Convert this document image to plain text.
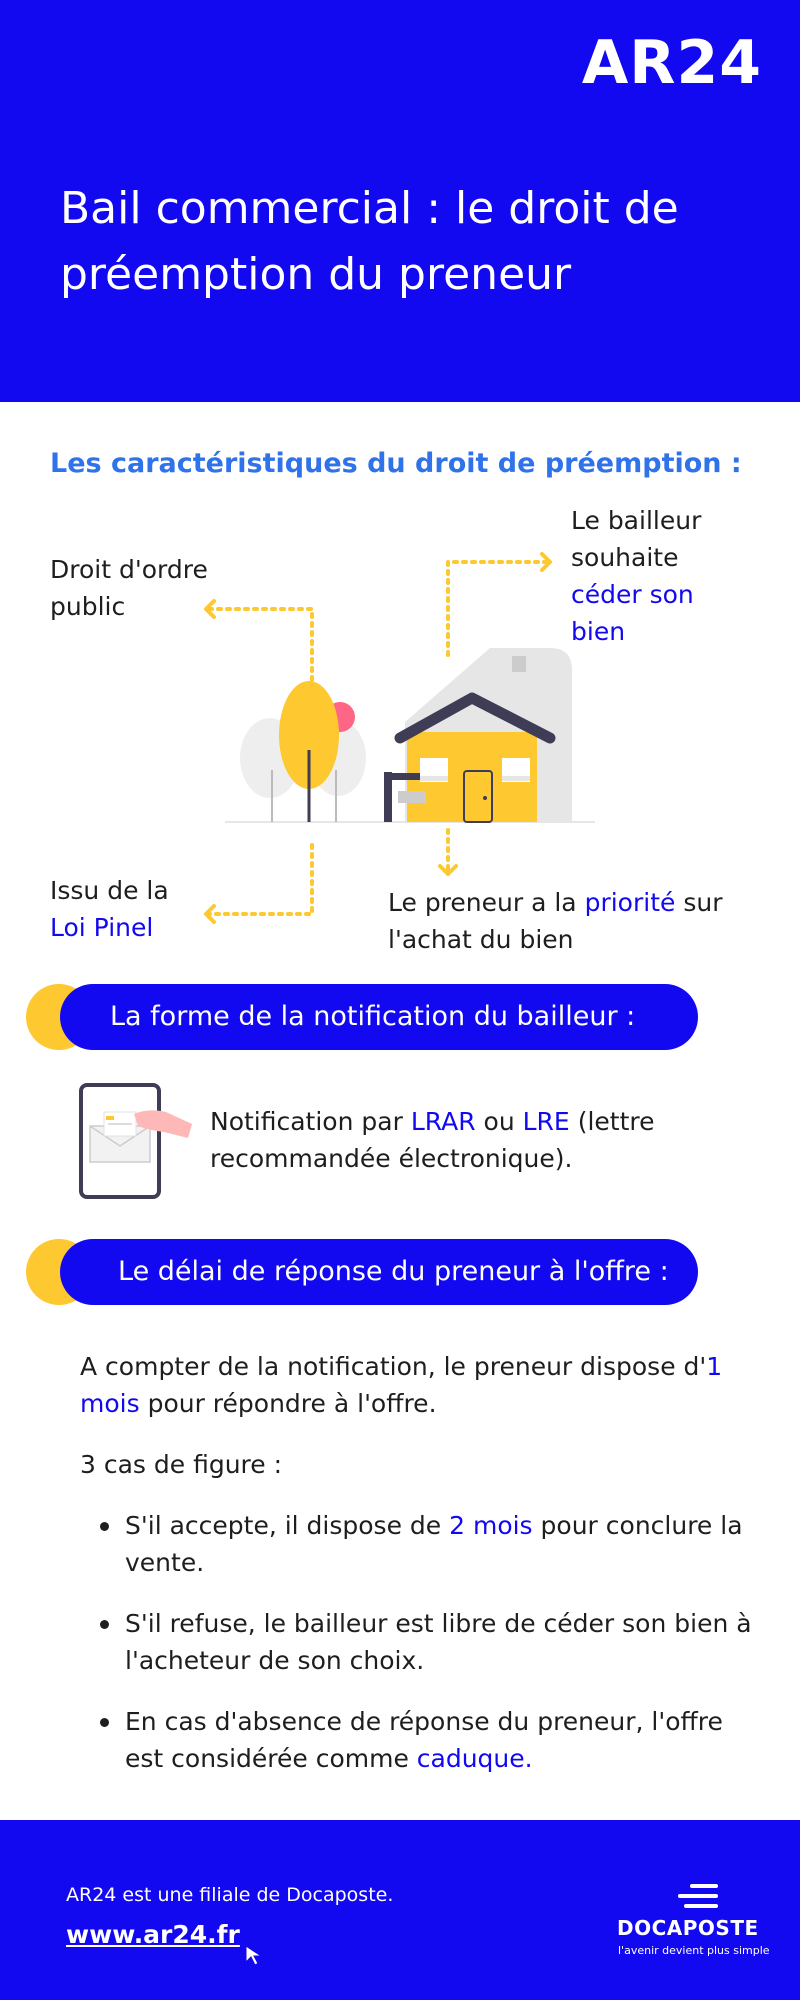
AR24
Bail commercial : le droit de préemption du preneur
Les caractéristiques du droit de préemption :
Droit d'ordre public
Le bailleur souhaite céder son bien
Issu de la
Loi Pinel
Le preneur a la priorité sur l'achat du bien
La forme de la notification du bailleur :
Notification par LRAR ou LRE (lettre
recommandée électronique).
Le délai de réponse du preneur à l'offre :

A compter de la notification, le preneur dispose d'1 mois pour répondre à l'offre.

3 cas de figure :

S'il accepte, il dispose de 2 mois pour conclure la vente.
S'il refuse, le bailleur est libre de céder son bien à l'acheteur de son choix.
En cas d'absence de réponse du preneur, l'offre est considérée comme caduque.
AR24 est une filiale de Docaposte.
www.ar24.fr	DOCAPOSTE
l'avenir devient plus simple
